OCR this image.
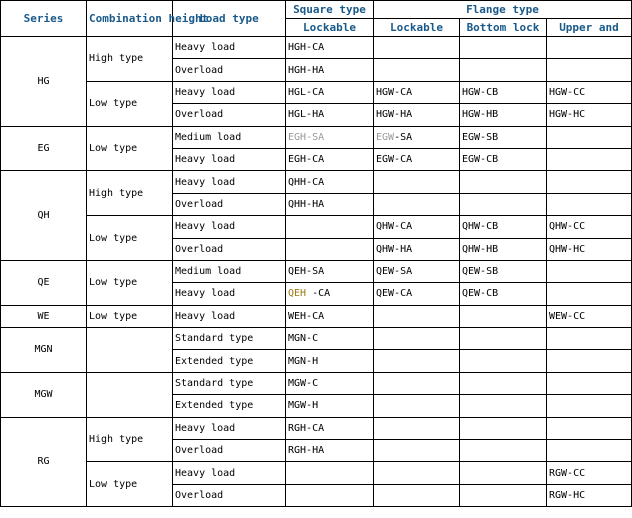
Series	Combination height	Load type	Square type	Flange type		
			Lockable	Lockable	Bottom lock	Upper and
HG	High type	Heavy load	HGH-CA			
		Overload	HGH-HA			
	Low type	Heavy load	HGL-CA	HGW-CA	HGW-CB	HGW-CC
		Overload	HGL-HA	HGW-HA	HGW-HB	HGW-HC
EG	Low type	Medium load	EGH-SA	EGW-SA	EGW-SB	
		Heavy load	EGH-CA	EGW-CA	EGW-CB	
QH	High type	Heavy load	QHH-CA			
		Overload	QHH-HA			
	Low type	Heavy load		QHW-CA	QHW-CB	QHW-CC
		Overload		QHW-HA	QHW-HB	QHW-HC
QE	Low type	Medium load	QEH-SA	QEW-SA	QEW-SB	
		Heavy load	QEH -CA	QEW-CA	QEW-CB	
WE	Low type	Heavy load	WEH-CA			WEW-CC
MGN		Standard type	MGN-C			
		Extended type	MGN-H			
MGW		Standard type	MGW-C			
		Extended type	MGW-H			
RG	High type	Heavy load	RGH-CA			
		Overload	RGH-HA			
	Low type	Heavy load				RGW-CC
		Overload				RGW-HC
